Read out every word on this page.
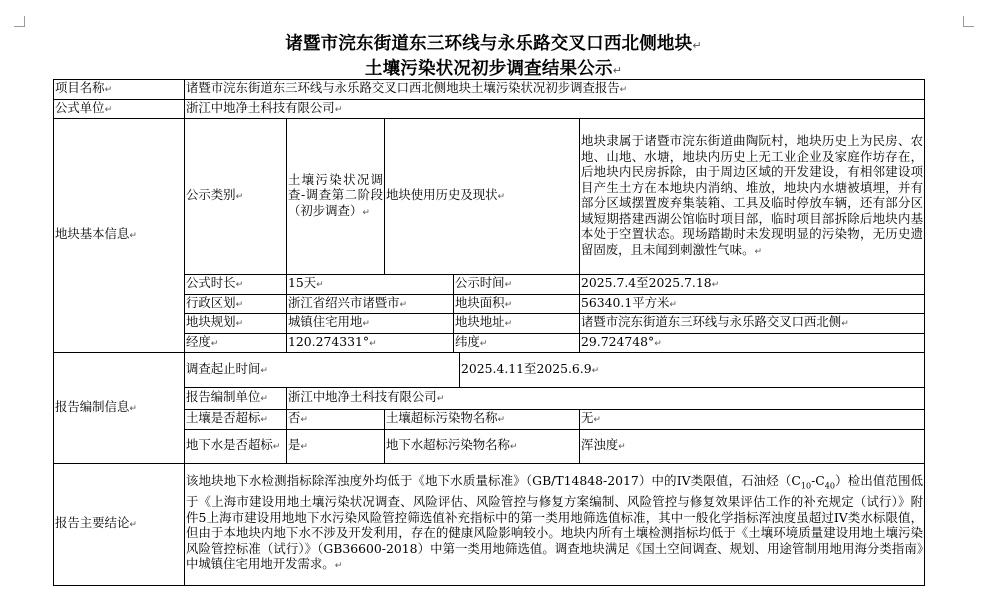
诸暨市浣东街道东三环线与永乐路交叉口西北侧地块↵
土壤污染状况初步调查结果公示↵
项目名称↵	诸暨市浣东街道东三环线与永乐路交叉口西北侧地块土壤污染状况初步调查报告↵					
公式单位↵	浙江中地净土科技有限公司↵					
地块基本信息↵	公示类别↵	土壤污染状况调查-调查第二阶段（初步调查）↵	地块使用历史及现状↵			地块隶属于诸暨市浣东街道曲陶阮村，地块历史上为民房、农地、山地、水塘，地块内历史上无工业企业及家庭作坊存在，后地块内民房拆除，由于周边区域的开发建设，有相邻建设项目产生土方在本地块内消纳、堆放，地块内水塘被填埋，并有部分区域摆置废弃集装箱、工具及临时停放车辆，还有部分区域短期搭建西湖公馆临时项目部，临时项目部拆除后地块内基本处于空置状态。现场踏勘时未发现明显的污染物，无历史遗留固废，且未闻到刺激性气味。↵
	公式时长↵	15天↵		公示时间↵		2025.7.4至2025.7.18↵
	行政区划↵	浙江省绍兴市诸暨市↵		地块面积↵		56340.1平方米↵
	地块规划↵	城镇住宅用地↵		地块地址↵		诸暨市浣东街道东三环线与永乐路交叉口西北侧↵
	经度↵	120.274331°↵		纬度↵		29.724748°↵
报告编制信息↵	调查起止时间↵				2025.4.11至2025.6.9↵	
	报告编制单位↵	浙江中地净土科技有限公司↵				
	土壤是否超标↵	否↵	土壤超标污染物名称↵			无↵
	地下水是否超标↵	是↵	地下水超标污染物名称↵			浑浊度↵
报告主要结论↵	该地块地下水检测指标除浑浊度外均低于《地下水质量标准》（GB/T14848-2017）中的IV类限值，石油烃$(C_{10}-C_{40})$检出值范围低于《上海市建设用地土壤污染状况调查、风险评估、风险管控与修复方案编制、风险管控与修复效果评估工作的补充规定（试行）》附件5上海市建设用地地下水污染风险管控筛选值补充指标中的第一类用地筛选值标准，其中一般化学指标浑浊度虽超过IV类水标限值，但由于本地块内地下水不涉及开发利用，存在的健康风险影响较小。地块内所有土壤检测指标均低于《土壤环境质量建设用地土壤污染风险管控标准（试行）》（GB36600-2018）中第一类用地筛选值。调查地块满足《国土空间调查、规划、用途管制用地用海分类指南》中城镇住宅用地开发需求。↵					
